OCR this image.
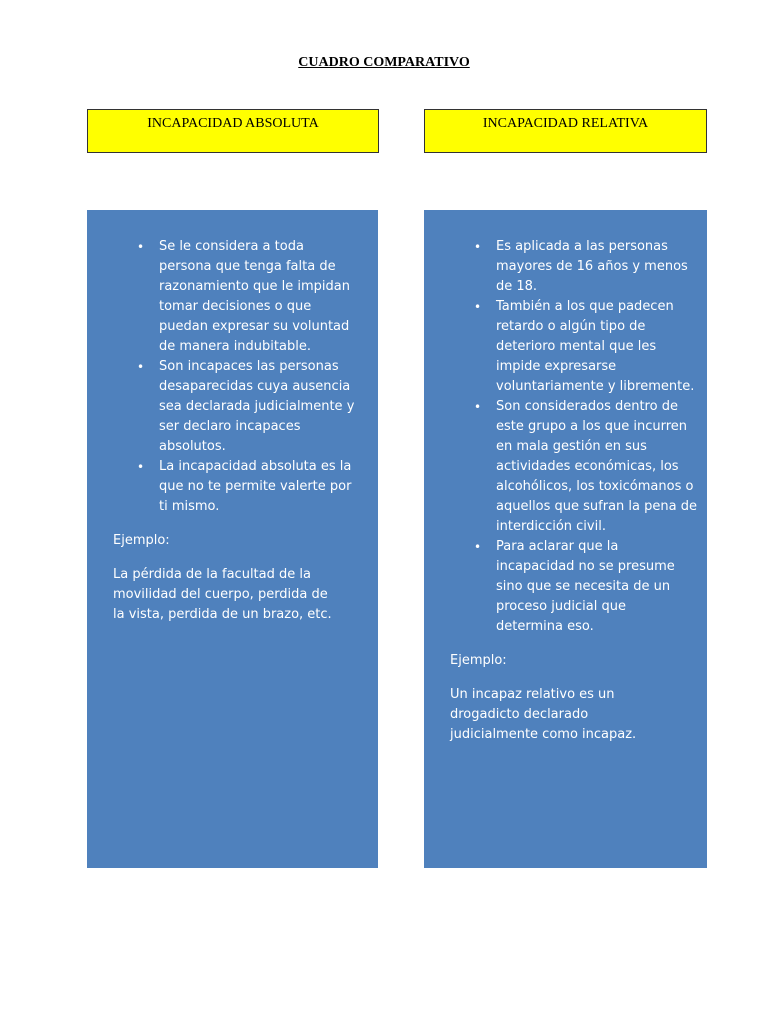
CUADRO COMPARATIVO
INCAPACIDAD ABSOLUTA	INCAPACIDAD RELATIVA
• Se le considera a toda persona que tenga falta de razonamiento que le impidan tomar decisiones o que puedan expresar su voluntad de manera indubitable.
• Son incapaces las personas desaparecidas cuya ausencia sea declarada judicialmente y ser declaro incapaces absolutos.
• La incapacidad absoluta es la que no te permite valerte por ti mismo.

Ejemplo:

La pérdida de la facultad de la movilidad del cuerpo, perdida de la vista, perdida de un brazo, etc.

• Es aplicada a las personas mayores de 16 años y menos de 18.
• También a los que padecen retardo o algún tipo de deterioro mental que les impide expresarse voluntariamente y libremente.
• Son considerados dentro de este grupo a los que incurren en mala gestión en sus actividades económicas, los alcohólicos, los toxicómanos o aquellos que sufran la pena de interdicción civil.
• Para aclarar que la incapacidad no se presume sino que se necesita de un proceso judicial que determina eso.

Ejemplo:

Un incapaz relativo es un drogadicto declarado judicialmente como incapaz.
